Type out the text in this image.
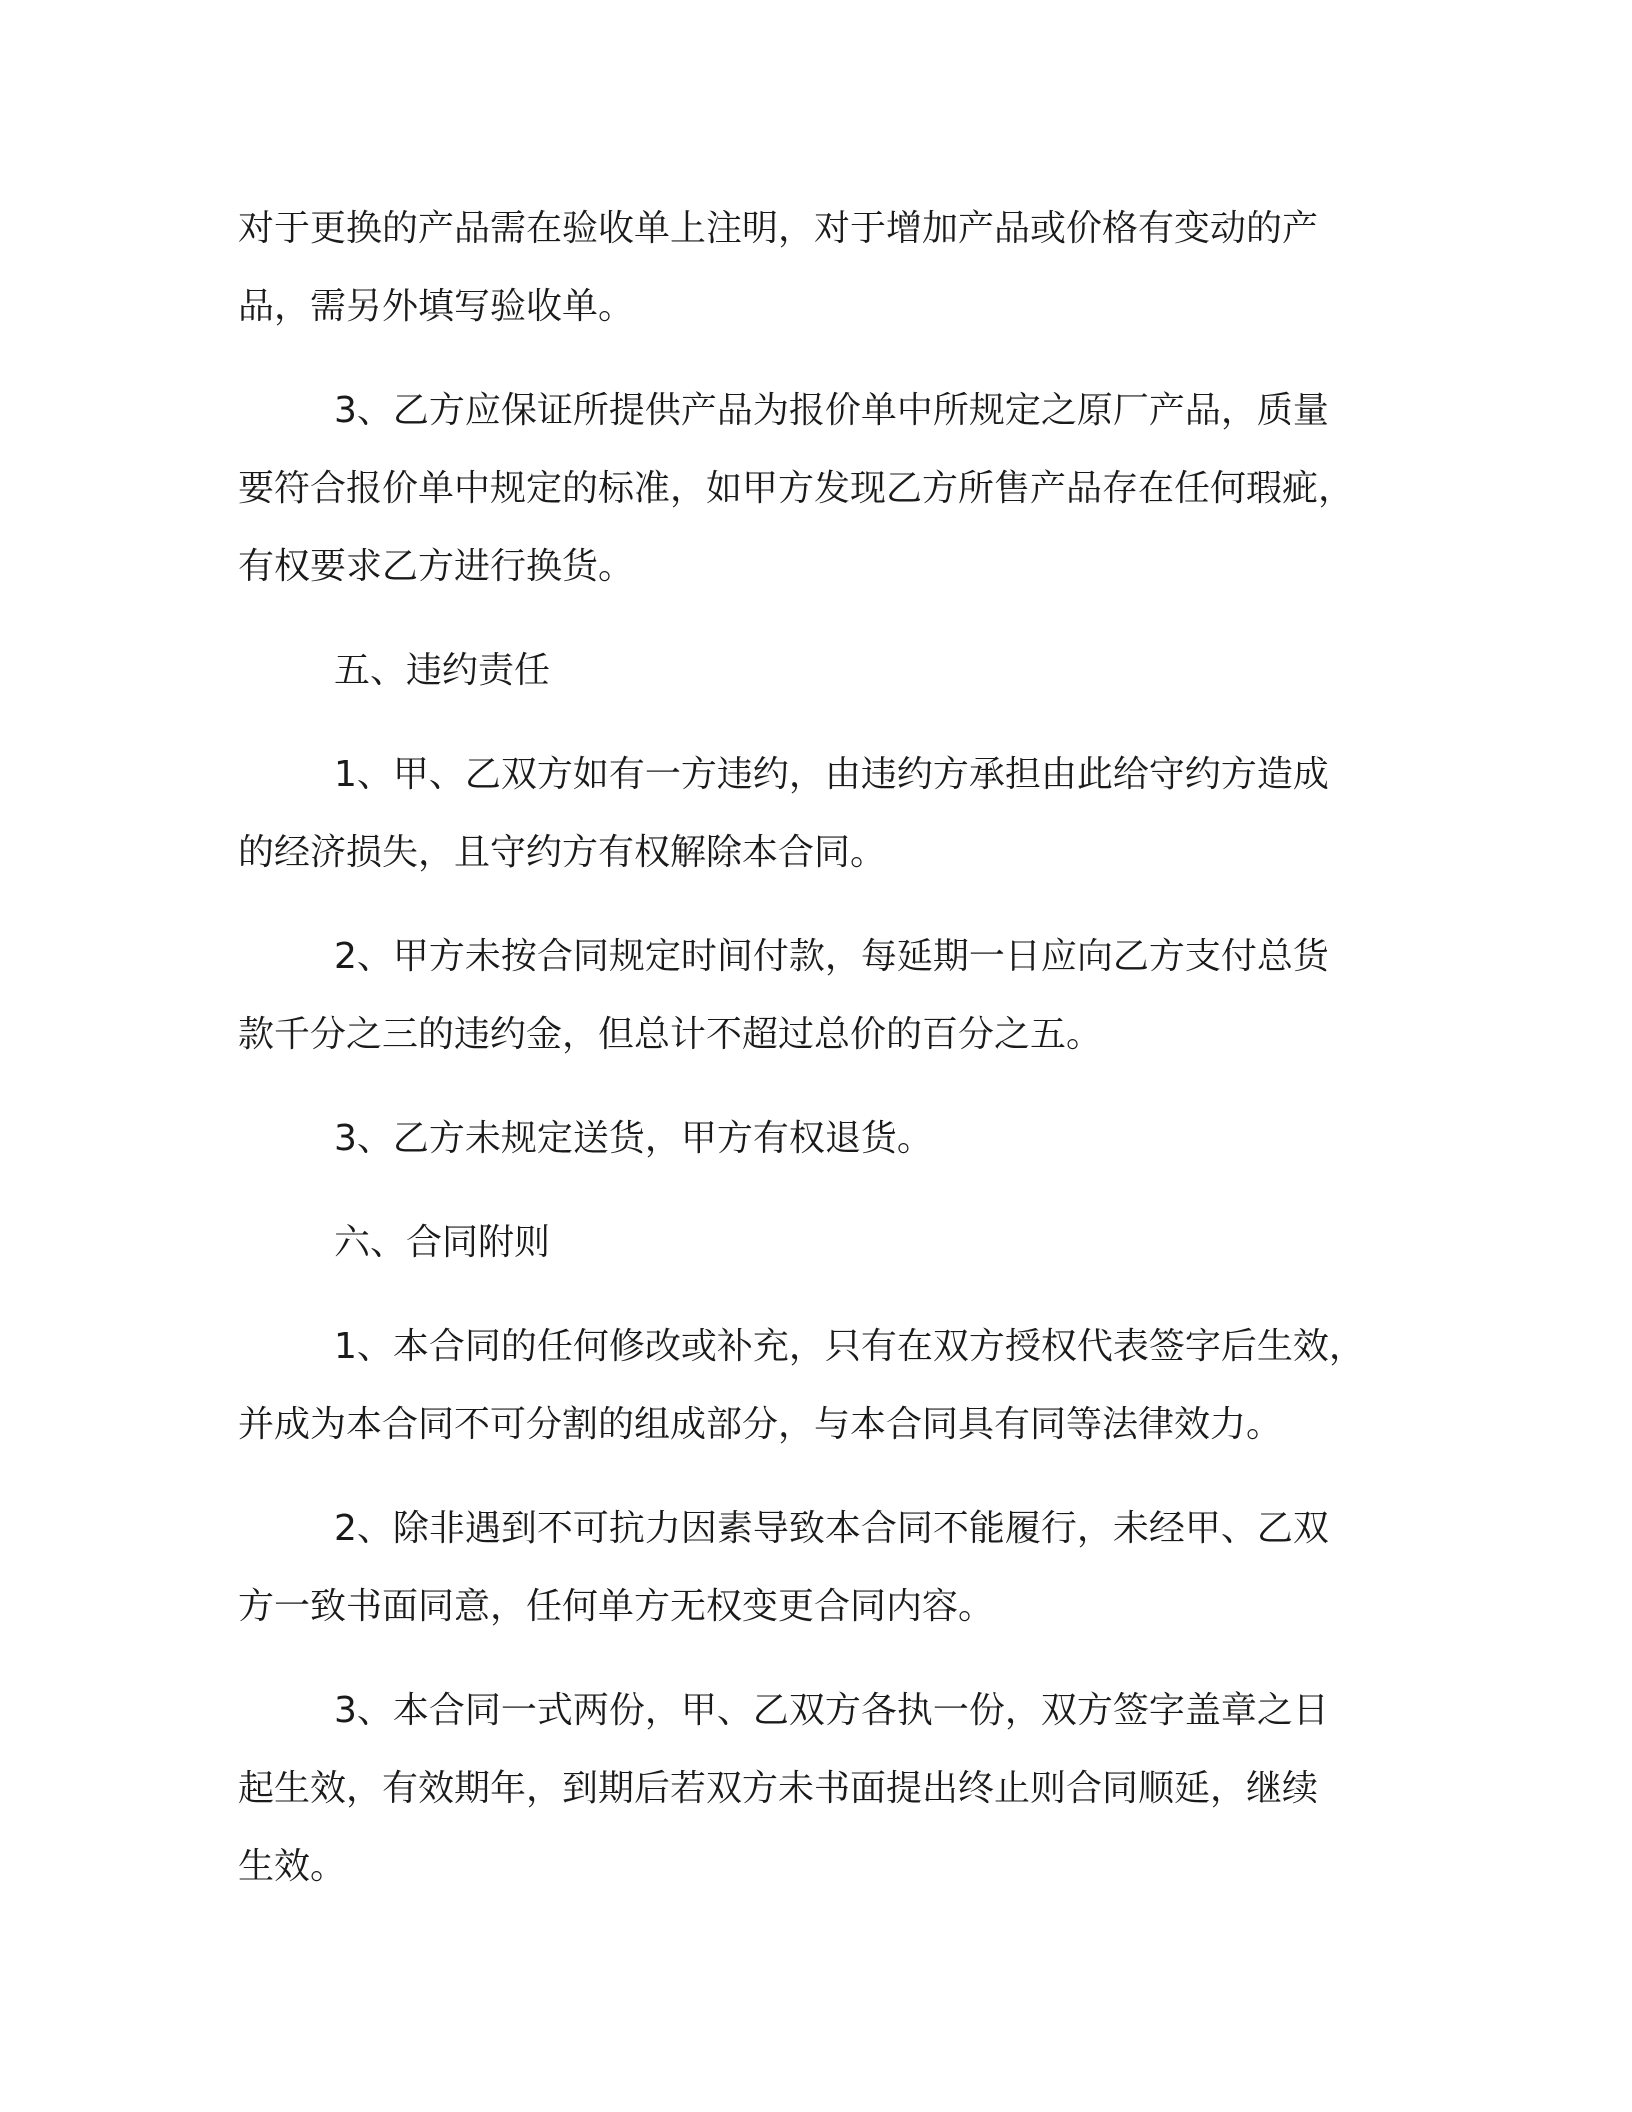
对于更换的产品需在验收单上注明，对于增加产品或价格有变动的产
品，需另外填写验收单。
3、乙方应保证所提供产品为报价单中所规定之原厂产品，质量
要符合报价单中规定的标准，如甲方发现乙方所售产品存在任何瑕疵，
有权要求乙方进行换货。
五、违约责任
1、甲、乙双方如有一方违约，由违约方承担由此给守约方造成
的经济损失，且守约方有权解除本合同。
2、甲方未按合同规定时间付款，每延期一日应向乙方支付总货
款千分之三的违约金，但总计不超过总价的百分之五。
3、乙方未规定送货，甲方有权退货。
六、合同附则
1、本合同的任何修改或补充，只有在双方授权代表签字后生效，
并成为本合同不可分割的组成部分，与本合同具有同等法律效力。
2、除非遇到不可抗力因素导致本合同不能履行，未经甲、乙双
方一致书面同意，任何单方无权变更合同内容。
3、本合同一式两份，甲、乙双方各执一份，双方签字盖章之日
起生效，有效期年，到期后若双方未书面提出终止则合同顺延，继续
生效。
